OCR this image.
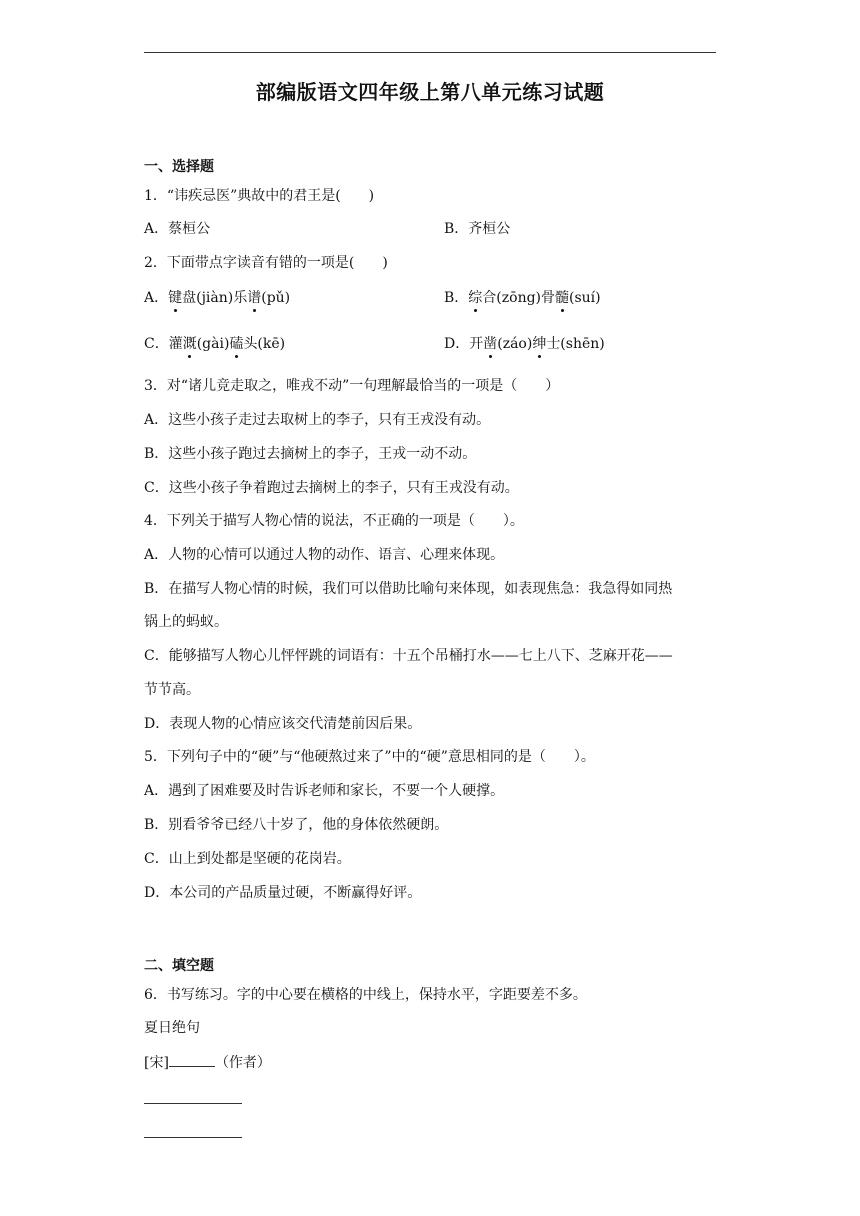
部编版语文四年级上第八单元练习试题
一、选择题
1．“讳疾忌医”典故中的君王是(　　)
A．蔡桓公	B．齐桓公
2．下面带点字读音有错的一项是(　　)
A．键盘(jiàn)乐谱(pǔ)	B．综合(zōng)骨髓(suí)
C．灌溉(gài)磕头(kē)	D．开凿(záo)绅士(shēn)
3．对“诸儿竞走取之，唯戎不动”一句理解最恰当的一项是（　　）
A．这些小孩子走过去取树上的李子，只有王戎没有动。
B．这些小孩子跑过去摘树上的李子，王戎一动不动。
C．这些小孩子争着跑过去摘树上的李子，只有王戎没有动。
4．下列关于描写人物心情的说法，不正确的一项是（　　）。
A．人物的心情可以通过人物的动作、语言、心理来体现。
B．在描写人物心情的时候，我们可以借助比喻句来体现，如表现焦急：我急得如同热
锅上的蚂蚁。
C．能够描写人物心儿怦怦跳的词语有：十五个吊桶打水——七上八下、芝麻开花——
节节高。
D．表现人物的心情应该交代清楚前因后果。
5．下列句子中的“硬”与“他硬熬过来了”中的“硬”意思相同的是（　　）。
A．遇到了困难要及时告诉老师和家长，不要一个人硬撑。
B．别看爷爷已经八十岁了，他的身体依然硬朗。
C．山上到处都是坚硬的花岗岩。
D．本公司的产品质量过硬，不断赢得好评。
二、填空题
6．书写练习。字的中心要在横格的中线上，保持水平，字距要差不多。
夏日绝句
[宋]	（作者）
